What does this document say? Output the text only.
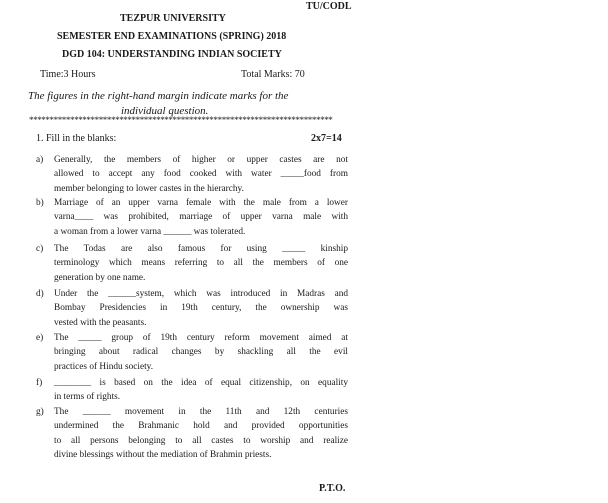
TU/CODL
TEZPUR UNIVERSITY
SEMESTER END EXAMINATIONS (SPRING) 2018
DGD 104: UNDERSTANDING INDIAN SOCIETY
Time:3 Hours	Total Marks: 70
The figures in the right-hand margin indicate marks for the
individual question.
**************************************************************************
1. Fill in the blanks:	2x7=14
a)	Generally, the members of higher or upper castes are not
allowed to accept any food cooked with water _____food from
member belonging to lower castes in the hierarchy.
b)	Marriage of an upper varna female with the male from a lower
varna____ was prohibited, marriage of upper varna male with
a woman from a lower varna ______ was tolerated.
c)	The Todas are also famous for using _____ kinship
terminology which means referring to all the members of one
generation by one name.
d)	Under the ______system, which was introduced in Madras and
Bombay Presidencies in 19th century, the ownership was
vested with the peasants.
e)	The _____ group of 19th century reform movement aimed at
bringing about radical changes by shackling all the evil
practices of Hindu society.
f)	________ is based on the idea of equal citizenship, on equality
in terms of rights.
g)	The ______ movement in the 11th and 12th centuries
undermined the Brahmanic hold and provided opportunities
to all persons belonging to all castes to worship and realize
divine blessings without the mediation of Brahmin priests.
P.T.O.
